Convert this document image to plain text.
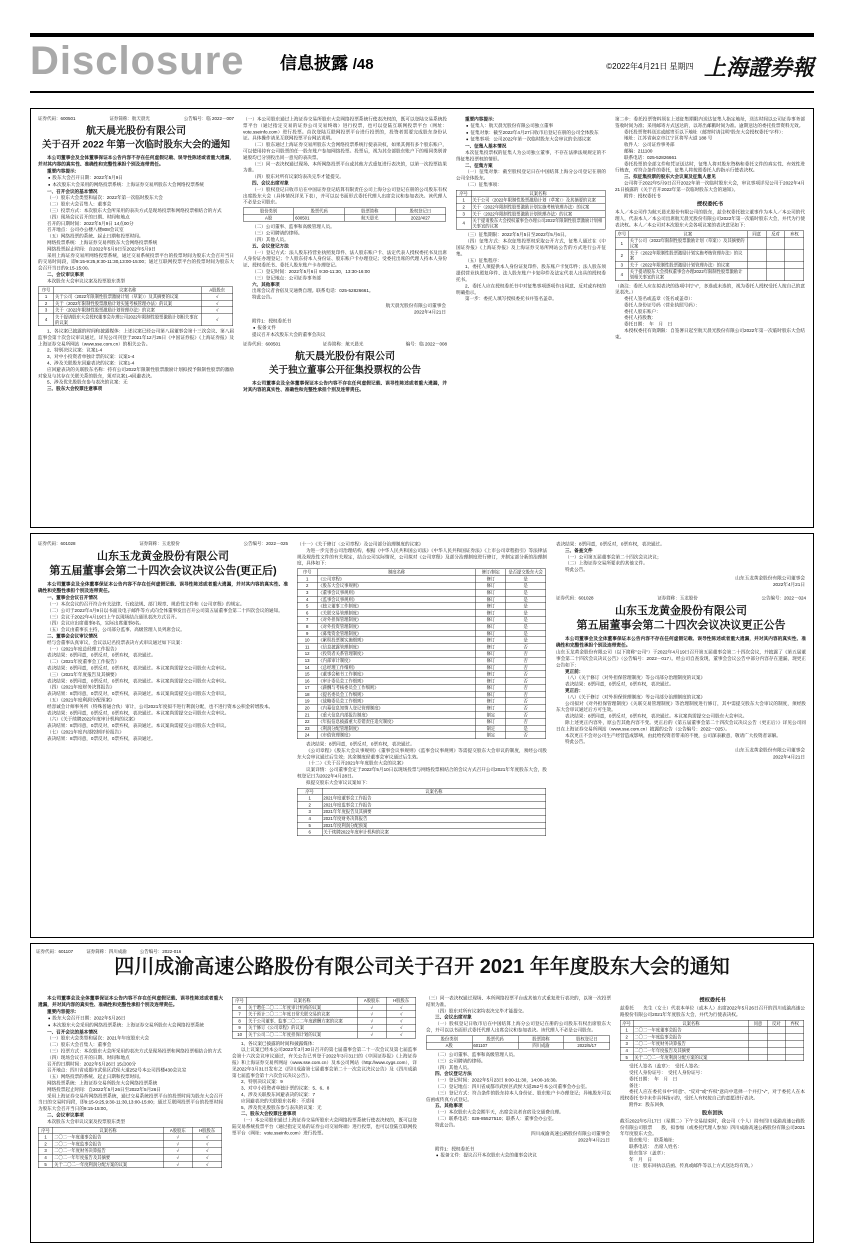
Disclosure 信息披露 /48	©2022年4月21日 星期四 上海證券報
证券代码：600501	证券简称：航天晨光	公告编号：临 2022－007
航天晨光股份有限公司
关于召开 2022 年第一次临时股东大会的通知
本公司董事会及全体董事保证本公告内容不存在任何虚假记载、误导性陈述或者重大遗漏，并对其内容的真实性、准确性和完整性承担个别及连带责任。
重要内容提示：
● 股东大会召开日期：2022年5月9日
● 本次股东大会采用的网络投票系统：上海证券交易所股东大会网络投票系统
一、召开会议的基本情况
（一）股东大会类型和届次：2022年第一次临时股东大会
（二）股东大会召集人：董事会
（三）投票方式：本次股东大会所采用的表决方式是现场投票和网络投票相结合的方式
（四）现场会议召开的日期、时间和地点
召开的日期时间：2022年5月9日 14点00分
召开地点：公司办公楼八楼808会议室
（五）网络投票的系统、起止日期和投票时间。
网络投票系统：上海证券交易所股东大会网络投票系统
网络投票起止时间：自2022年5月9日至2022年5月9日
采用上海证券交易所网络投票系统，通过交易系统投票平台的投票时间为股东大会召开当日的交易时间段，即9:15-9:25,9:30-11:30,13:00-15:00；通过互联网投票平台的投票时间为股东大会召开当日的9:15-15:00。
二、会议审议事项
本次股东大会审议议案及投票股东类型
序号	议案名称	A股股东
1	关于公司〈2022年限制性股票激励计划（草案）〉及其摘要的议案	√
2	关于〈2022年限制性股票激励计划实施考核管理办法〉的议案	√
3	关于〈2022年限制性股票激励计划管理办法〉的议案	√
4	关于提请股东大会授权董事会办理公司2022年限制性股票激励计划相关事宜的议案	√
1、各议案已披露的时间和披露媒体：上述议案已经公司第八届董事会第十三次会议、第八届监事会第十次会议审议通过，详见公司刊登于2021年12月25日《中国证券报》《上海证券报》及上海证券交易所网站（www.sse.com.cn）的相关公告。
2、特别决议议案：议案1-4
3、对中小投资者单独计票的议案：议案1-4
4、涉及关联股东回避表决的议案：议案1-4
应回避表决的关联股东名称：持有公司2022年限制性股票激励计划拟授予限制性股票的激励对象及与其存在关联关系的股东，须对议案1-4回避表决。
5、涉及优先股股东参与表决的议案：无
三、股东大会投票注意事项
（一）本公司股东通过上海证券交易所股东大会网络投票系统行使表决权的，既可以登陆交易系统投票平台（通过指定交易的证券公司交易终端）进行投票，也可以登陆互联网投票平台（网址：vote.sseinfo.com）进行投票。首次登陆互联网投票平台进行投票的，投资者需要完成股东身份认证。具体操作请见互联网投票平台网站说明。
（二）股东通过上海证券交易所股东大会网络投票系统行使表决权，如果其拥有多个股东账户，可以使用持有公司股票的任一股东账户参加网络投票。投票后，视为其全部股东账户下的相同类别普通股均已分别投出同一意见的表决票。
（三）同一表决权通过现场、本所网络投票平台或其他方式重复进行表决的，以第一次投票结果为准。
（四）股东对所有议案均表决完毕才能提交。
四、会议出席对象
（一）股权登记日收市后在中国证券登记结算有限责任公司上海分公司登记在册的公司股东有权出席股东大会（具体情况详见下表），并可以以书面形式委托代理人出席会议和参加表决。该代理人不必是公司股东。
股份类别	股票代码	股票简称	股权登记日
A股	600501	航天晨光	2022/4/27
（二）公司董事、监事和高级管理人员。
（三）公司聘请的律师。
（四）其他人员。
五、会议登记方法
（一）登记方式：法人股东持营业执照复印件、法人股东账户卡、法定代表人授权委托书及出席人身份证办理登记；个人股东持本人身份证、股东账户卡办理登记；受委托出席的代理人持本人身份证、授权委托书、委托人股东账户卡办理登记。
（二）登记时间：2022年5月6日 9:30-11:30，13:30-16:00
（三）登记地点：公司证券事务部
六、其他事项
出席会议者食宿及交通费自理。联系电话：025-52826661。
特此公告。
航天晨光股份有限公司董事会
2022年4月21日
附件1：授权委托书
● 报备文件
提议召开本次股东大会的董事会决议
证券代码：600501	证券简称：航天晨光	编号：临 2022－008
航天晨光股份有限公司
关于独立董事公开征集投票权的公告
本公司董事会及全体董事保证本公告内容不存在任何虚假记载、误导性陈述或者重大遗漏，并对其内容的真实性、准确性和完整性承担个别及连带责任。
重要内容提示：
● 征集人：航天晨光股份有限公司独立董事
● 征集对象：截至2022年4月27日收市后登记在册的公司全体股东
● 征集事项：公司2022年第一次临时股东大会审议的全部议案
一、征集人基本情况
本次征集投票权的征集人为公司独立董事，不存在法律法规规定的不得征集投票权的情形。
二、征集方案
（一）征集对象：截至股权登记日在中国结算上海分公司登记在册的公司全体股东。
（二）征集事项：
序号	议案名称
1	关于公司〈2022年限制性股票激励计划（草案）〉及其摘要的议案
2	关于〈2022年限制性股票激励计划实施考核管理办法〉的议案
3	关于〈2022年限制性股票激励计划管理办法〉的议案
4	关于提请股东大会授权董事会办理公司2022年限制性股票激励计划相关事宜的议案
（三）征集期限：2022年5月5日至2022年5月6日。
（四）征集方式：本次征集投票权采取公开方式，征集人通过在《中国证券报》《上海证券报》及上海证券交易所网站公告的方式进行公开征集。
（五）征集程序：
1、委托人须提供本人身份证复印件、股东账户卡复印件；法人股东须提供营业执照复印件、法人股东账户卡复印件及法定代表人出具的授权委托书。
2、委托人应在授权委托书中对征集事项逐项作出同意、反对或弃权的明确指示。
第一步：委托人填写授权委托书并签名盖章。
第二步：委托投票资料须在上述征集期限内送达征集人指定地址，送达时间以公司证券事务部签收时间为准；采用邮寄方式送达的，以寄出邮戳时间为准。逾期送达的委托投票资料无效。
委托投票资料送达或邮寄至以下地址（邮寄时请注明"股东大会授权委托"字样）：
地址：江苏省南京市江宁区将军大道 188 号
收件人：公司证券事务部
邮编：211100
联系电话：025-52826661
委托投票的全部文件和凭证送达时，征集人将对股东资格和委托文件的真实性、有效性进行核查，对符合条件的委托，征集人将按照委托人的指示行使表决权。
三、拟征集投票的股东大会议案及征集人意见
公司将于2022年5月9日召开2022年第一次临时股东大会，审议事项详见公司于2022年4月21日披露的《关于召开2022年第一次临时股东大会的通知》。
附件：授权委托书
授权委托书
本人／本公司作为航天晨光股份有限公司的股东，兹全权委托独立董事作为本人／本公司的代理人，代表本人／本公司出席航天晨光股份有限公司2022年第一次临时股东大会，并代为行使表决权。本人／本公司对本次股东大会各项议案的表决意见如下：
序号	议案	同意	反对	弃权
1	关于公司〈2022年限制性股票激励计划（草案）〉及其摘要的议案			
2	关于〈2022年限制性股票激励计划实施考核管理办法〉的议案			
3	关于〈2022年限制性股票激励计划管理办法〉的议案			
4	关于提请股东大会授权董事会办理2022年限制性股票激励计划相关事宜的议案			
（备注：委托人应在拟表决的选项中打"√"，多选或未选的，视为委托人授权受托人按自己的意见表决。）
委托人签名或盖章（签名或盖章）：
委托人身份证号码（营业执照号码）：
委托人股东账户：
委托人持股数：
委托日期：　年　月　日
本授权委托有效期限：自签署日起至航天晨光股份有限公司2022年第一次临时股东大会结束。
证券代码：601028	证券简称：玉龙股份	公告编号：2022－025
山东玉龙黄金股份有限公司
第五届董事会第二十四次会议决议公告(更正后)
本公司董事会及全体董事保证本公告内容不存在任何虚假记载、误导性陈述或者重大遗漏，并对其内容的真实性、准确性和完整性承担个别及连带责任。
一、董事会会议召开情况
（一）本次会议的召开符合有关法律、行政法规、部门规章、规范性文件和《公司章程》的规定。
（二）公司于2022年4月9日以书面及电子邮件等方式向全体董事发出召开公司第五届董事会第二十四次会议的通知。
（三）会议于2022年4月19日上午以现场结合通讯表决方式召开。
（四）会议应出席董事8名，实际出席董事8名。
（五）会议由董事长主持，公司部分监事、高级管理人员列席会议。
二、董事会会议审议情况
经与会董事认真审议，会议以记名投票表决方式审议通过如下议案：
（一）《2021年度总经理工作报告》
表决结果：8票同意，0票反对，0票弃权，表决通过。
（二）《2021年度董事会工作报告》
表决结果：8票同意，0票反对，0票弃权，表决通过。本议案尚需提交公司股东大会审议。
（三）《2021年年度报告及其摘要》
表决结果：8票同意，0票反对，0票弃权，表决通过。本议案尚需提交公司股东大会审议。
（四）《2021年度财务决算报告》
表决结果：8票同意，0票反对，0票弃权，表决通过。本议案尚需提交公司股东大会审议。
（五）《2021年度利润分配预案》
经容诚会计师事务所（特殊普通合伙）审计，公司2021年度拟不进行利润分配，也不进行资本公积金转增股本。
表决结果：8票同意，0票反对，0票弃权，表决通过。本议案尚需提交公司股东大会审议。
（六）《关于续聘2022年度审计机构的议案》
表决结果：8票同意，0票反对，0票弃权，表决通过。本议案尚需提交公司股东大会审议。
（七）《2021年度内部控制评价报告》
表决结果：8票同意，0票反对，0票弃权，表决通过。
（十一）《关于修订〈公司章程〉及公司部分治理制度的议案》
为进一步完善公司治理结构，根据《中华人民共和国公司法》《中华人民共和国证券法》《上市公司章程指引》等法律法规及规范性文件的有关规定，结合公司实际情况，公司拟对《公司章程》及部分治理制度进行修订，并制定部分新的治理制度，具体如下：
序号	制度名称	修订/制定	是否提交股东大会
1	《公司章程》	修订	是
2	《股东大会议事规则》	修订	是
3	《董事会议事规则》	修订	是
4	《监事会议事规则》	修订	是
5	《独立董事工作制度》	修订	是
6	《关联交易管理制度》	修订	是
7	《对外担保管理制度》	修订	是
8	《对外投资管理制度》	修订	是
9	《募集资金管理制度》	修订	是
10	《累积投票制实施细则》	修订	是
11	《信息披露管理制度》	修订	否
12	《投资者关系管理制度》	修订	否
13	《内部审计制度》	修订	否
14	《总经理工作细则》	修订	否
15	《董事会秘书工作制度》	修订	否
16	《审计委员会工作细则》	修订	否
17	《薪酬与考核委员会工作细则》	修订	否
18	《提名委员会工作细则》	修订	否
19	《战略委员会工作细则》	修订	否
20	《内幕信息知情人登记管理制度》	修订	否
21	《重大信息内部报告制度》	制定	否
22	《年报信息披露重大差错责任追究制度》	修订	否
23	《利润分配管理制度》	制定	是
24	《市值管理制度》	制定	否
表决结果：8票同意，0票反对，0票弃权，表决通过。
《公司章程》《股东大会议事规则》《董事会议事规则》《监事会议事规则》等需提交股东大会审议的制度，须经公司股东大会审议通过后生效；其余制度经董事会审议通过后生效。
（十二）《关于召开2021年年度股东大会的议案》
议案详情：公司董事会定于2022年5月10日以现场投票与网络投票相结合的会议方式召开公司2021年年度股东大会，股权登记日为2022年4月28日。
拟提交股东大会审议议案如下：
序号	议案名称
1	2021年度董事会工作报告
2	2021年度监事会工作报告
3	2021年年度报告及其摘要
4	2021年度财务决算报告
5	2021年度利润分配预案
6	关于续聘2022年度审计机构的议案
表决结果：8票同意，0票反对，0票弃权，表决通过。
三、备查文件
（一）公司第五届董事会第二十四次会议决议；
（二）上海证券交易所要求的其他文件。
特此公告。
山东玉龙黄金股份有限公司董事会
2022年4月21日
证券代码：601028	证券简称：玉龙股份	公告编号：2022－024
山东玉龙黄金股份有限公司
第五届董事会第二十四次会议决议更正公告
本公司董事会及全体董事保证本公告内容不存在任何虚假记载、误导性陈述或者重大遗漏，并对其内容的真实性、准确性和完整性承担个别及连带责任。
山东玉龙黄金股份有限公司（以下简称"公司"）于2022年4月19日召开第五届董事会第二十四次会议，并披露了《第五届董事会第二十四次会议决议公告》（公告编号：2022－017）。经公司自查发现，董事会会议公告中部分内容存在遗漏，现更正公告如下：
更正前：
（八）《关于修订〈对外担保管理制度〉等公司部分治理制度的议案》
表决结果：8票同意，0票反对，0票弃权，表决通过。
更正后：
（八）《关于修订〈对外担保管理制度〉等公司部分治理制度的议案》
公司拟对《对外担保管理制度》《关联交易管理制度》等治理制度进行修订，其中需提交股东大会审议的制度，须经股东大会审议通过后方可生效。
表决结果：8票同意，0票反对，0票弃权，表决通过。本议案尚需提交公司股东大会审议。
除上述更正内容外，原公告其他内容不变。更正后的《第五届董事会第二十四次会议决议公告（更正后）》详见公司同日在上海证券交易所网站（www.sse.com.cn）披露的公告（公告编号：2022－025）。
本次更正不会对公司生产经营造成影响，由此给投资者带来的不便，公司深表歉意，敬请广大投资者谅解。
特此公告。
山东玉龙黄金股份有限公司董事会
2022年4月21日
证券代码：601107 证券简称：四川成渝 公告编号：2022-016
四川成渝高速公路股份有限公司关于召开 2021 年年度股东大会的通知
本公司董事会及全体董事保证本公告内容不存在任何虚假记载、误导性陈述或者重大遗漏，并对其内容的真实性、准确性和完整性承担个别及连带责任。
重要内容提示：
● 股东大会召开日期：2022年5月26日
● 本次股东大会采用的网络投票系统：上海证券交易所股东大会网络投票系统
一、召开会议的基本情况
（一）股东大会类型和届次：2021年年度股东大会
（二）股东大会召集人：董事会
（三）投票方式：本次股东大会所采用的表决方式是现场投票和网络投票相结合的方式
（四）现场会议召开的日期、时间和地点
召开的日期时间：2022年5月26日 15点00分
召开地点：四川省成都市武侯区武侯大道252号本公司四楼430会议室
（五）网络投票的系统、起止日期和投票时间。
网络投票系统：上海证券交易所股东大会网络投票系统
网络投票起止时间：自2022年5月26日至2022年5月26日
采用上海证券交易所网络投票系统，通过交易系统投票平台的投票时间为股东大会召开当日的交易时间段，即9:15-9:25,9:30-11:30,13:00-15:00；通过互联网投票平台的投票时间为股东大会召开当日的9:15-15:00。
二、会议审议事项
本次股东大会审议议案及投票股东类型
序号	议案名称	A股股东	H股股东
1	二〇二一年度董事会报告	√	√
2	二〇二一年度监事会报告	√	√
3	二〇二一年度财务决算报告	√	√
4	二〇二一年年度报告及其摘要	√	√
5	关于二〇二一年度利润分配方案的议案	√	√
序号	议案名称	A股股东	H股股东
6	关于聘任二〇二二年度审计机构的议案	√	√
7	关于预计二〇二二年度日常关联交易的议案	√	√
8	关于公司董事、监事二〇二二年度薪酬方案的议案	√	√
9	关于修订《公司章程》的议案	√	√
10	关于公司二〇二二年度担保计划的议案	√	√
1、各议案已披露的时间和披露媒体：
以上议案已经本公司2022年3月30日召开的第七届董事会第二十一次会议及第七届监事会第十六次会议审议通过，有关公告已刊登于2022年3月31日的《中国证券报》《上海证券报》和上海证券交易所网站（www.sse.com.cn）及本公司网站（http://www.cygs.com），详见2022年3月31日发布之《四川成渝第七届董事会第二十一次会议决议公告》及《四川成渝第七届监事会第十六次会议决议公告》。
2、特别决议议案：9
3、对中小投资者单独计票的议案：5、6、8
4、涉及关联股东回避表决的议案：7
应回避表决的关联股东名称：不适用
5、涉及优先股股东参与表决的议案：无
二、股东大会投票注意事项
（一）本公司股东通过上海证券交易所股东大会网络投票系统行使表决权的，既可以登陆交易系统投票平台（通过指定交易的证券公司交易终端）进行投票，也可以登陆互联网投票平台（网址：vote.sseinfo.com）进行投票。
（三）同一表决权通过现场、本所网络投票平台或其他方式重复进行表决的，以第一次投票结果为准。
（四）股东对所有议案均表决完毕才能提交。
三、会议出席对象
（一）股权登记日收市后在中国结算上海分公司登记在册的公司股东有权出席股东大会，并可以以书面形式委托代理人出席会议和参加表决。该代理人不必是公司股东。
股份类别	股票代码	股票简称	股权登记日
A股	601107	四川成渝	2022/5/17
（二）公司董事、监事和高级管理人员。
（三）公司聘请的律师。
（四）其他人员。
四、会议登记方法
（一）登记时间：2022年5月23日 9:00-11:30，14:00-16:30。
（二）登记地点：四川省成都市武侯区武侯大道252号本公司董事会办公室。
（三）登记方式：符合条件的股东持本人身份证、股东账户卡办理登记；异地股东可以信函或传真方式登记。
五、其他事项
（一）本次股东大会会期半天，出席会议者食宿及交通费自理。
（二）联系电话：028-85527510；联系人：董事会办公室。
特此公告。
四川成渝高速公路股份有限公司董事会
2022年4月21日
附件1：授权委托书
● 报备文件：提议召开本次股东大会的董事会决议
授权委托书
兹委托　　先生（女士）代表本单位（或本人）出席2022年5月26日召开的四川成渝高速公路股份有限公司2021年年度股东大会，并代为行使表决权。
序号	议案名称	同意	反对	弃权
1	二〇二一年度董事会报告			
2	二〇二一年度监事会报告			
3	二〇二一年度财务决算报告			
4	二〇二一年年度报告及其摘要			
5	关于二〇二一年度利润分配方案的议案			
受托人签名（盖章）：　受托人签名：
受托人身份证号：　受托人身份证号：
委托日期：　年　月　日
备注：
委托人应在委托书中"同意"、"反对"或"弃权"意向中选择一个并打"√"，对于委托人在本授权委托书中未作具体指示的，受托人有权按自己的意愿进行表决。
附件2：股东回执
股东回执
截至2022年5月17日（星期二）下午交易结束时，我公司（个人）持有四川成渝高速公路股份有限公司股票　　股，拟参加（或委托代理人参加）四川成渝高速公路股份有限公司2021年年度股东大会。
股东账号：　联系地址：
联系电话：　出席人姓名：
股东签字（盖章）：
年　月　日
（注：股东回执以信函、传真或邮件等以上方式送达均有效。）
